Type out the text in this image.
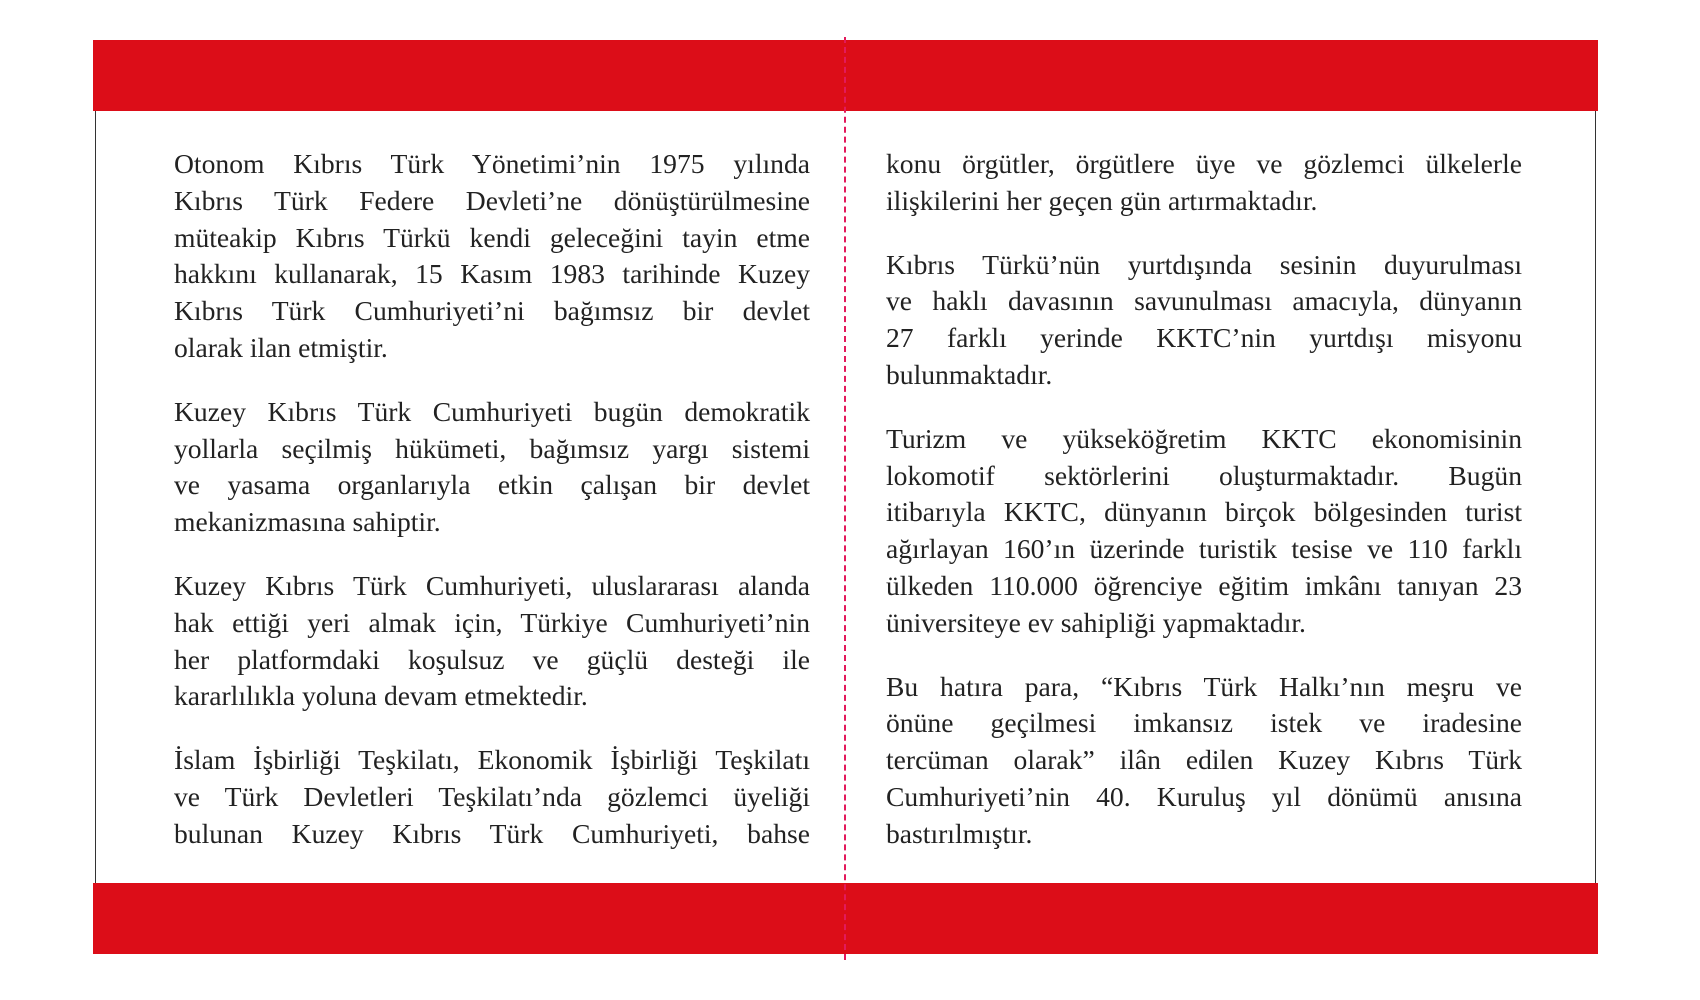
Otonom Kıbrıs Türk Yönetimi’nin 1975 yılında
Kıbrıs Türk Federe Devleti’ne dönüştürülmesine
müteakip Kıbrıs Türkü kendi geleceğini tayin etme
hakkını kullanarak, 15 Kasım 1983 tarihinde Kuzey
Kıbrıs Türk Cumhuriyeti’ni bağımsız bir devlet
olarak ilan etmiştir.

Kuzey Kıbrıs Türk Cumhuriyeti bugün demokratik
yollarla seçilmiş hükümeti, bağımsız yargı sistemi
ve yasama organlarıyla etkin çalışan bir devlet
mekanizmasına sahiptir.

Kuzey Kıbrıs Türk Cumhuriyeti, uluslararası alanda
hak ettiği yeri almak için, Türkiye Cumhuriyeti’nin
her platformdaki koşulsuz ve güçlü desteği ile
kararlılıkla yoluna devam etmektedir.

İslam İşbirliği Teşkilatı, Ekonomik İşbirliği Teşkilatı
ve Türk Devletleri Teşkilatı’nda gözlemci üyeliği
bulunan Kuzey Kıbrıs Türk Cumhuriyeti, bahse

konu örgütler, örgütlere üye ve gözlemci ülkelerle
ilişkilerini her geçen gün artırmaktadır.

Kıbrıs Türkü’nün yurtdışında sesinin duyurulması
ve haklı davasının savunulması amacıyla, dünyanın
27 farklı yerinde KKTC’nin yurtdışı misyonu
bulunmaktadır.

Turizm ve yükseköğretim KKTC ekonomisinin
lokomotif sektörlerini oluşturmaktadır. Bugün
itibarıyla KKTC, dünyanın birçok bölgesinden turist
ağırlayan 160’ın üzerinde turistik tesise ve 110 farklı
ülkeden 110.000 öğrenciye eğitim imkânı tanıyan 23
üniversiteye ev sahipliği yapmaktadır.

Bu hatıra para, “Kıbrıs Türk Halkı’nın meşru ve
önüne geçilmesi imkansız istek ve iradesine
tercüman olarak” ilân edilen Kuzey Kıbrıs Türk
Cumhuriyeti’nin 40. Kuruluş yıl dönümü anısına
bastırılmıştır.
